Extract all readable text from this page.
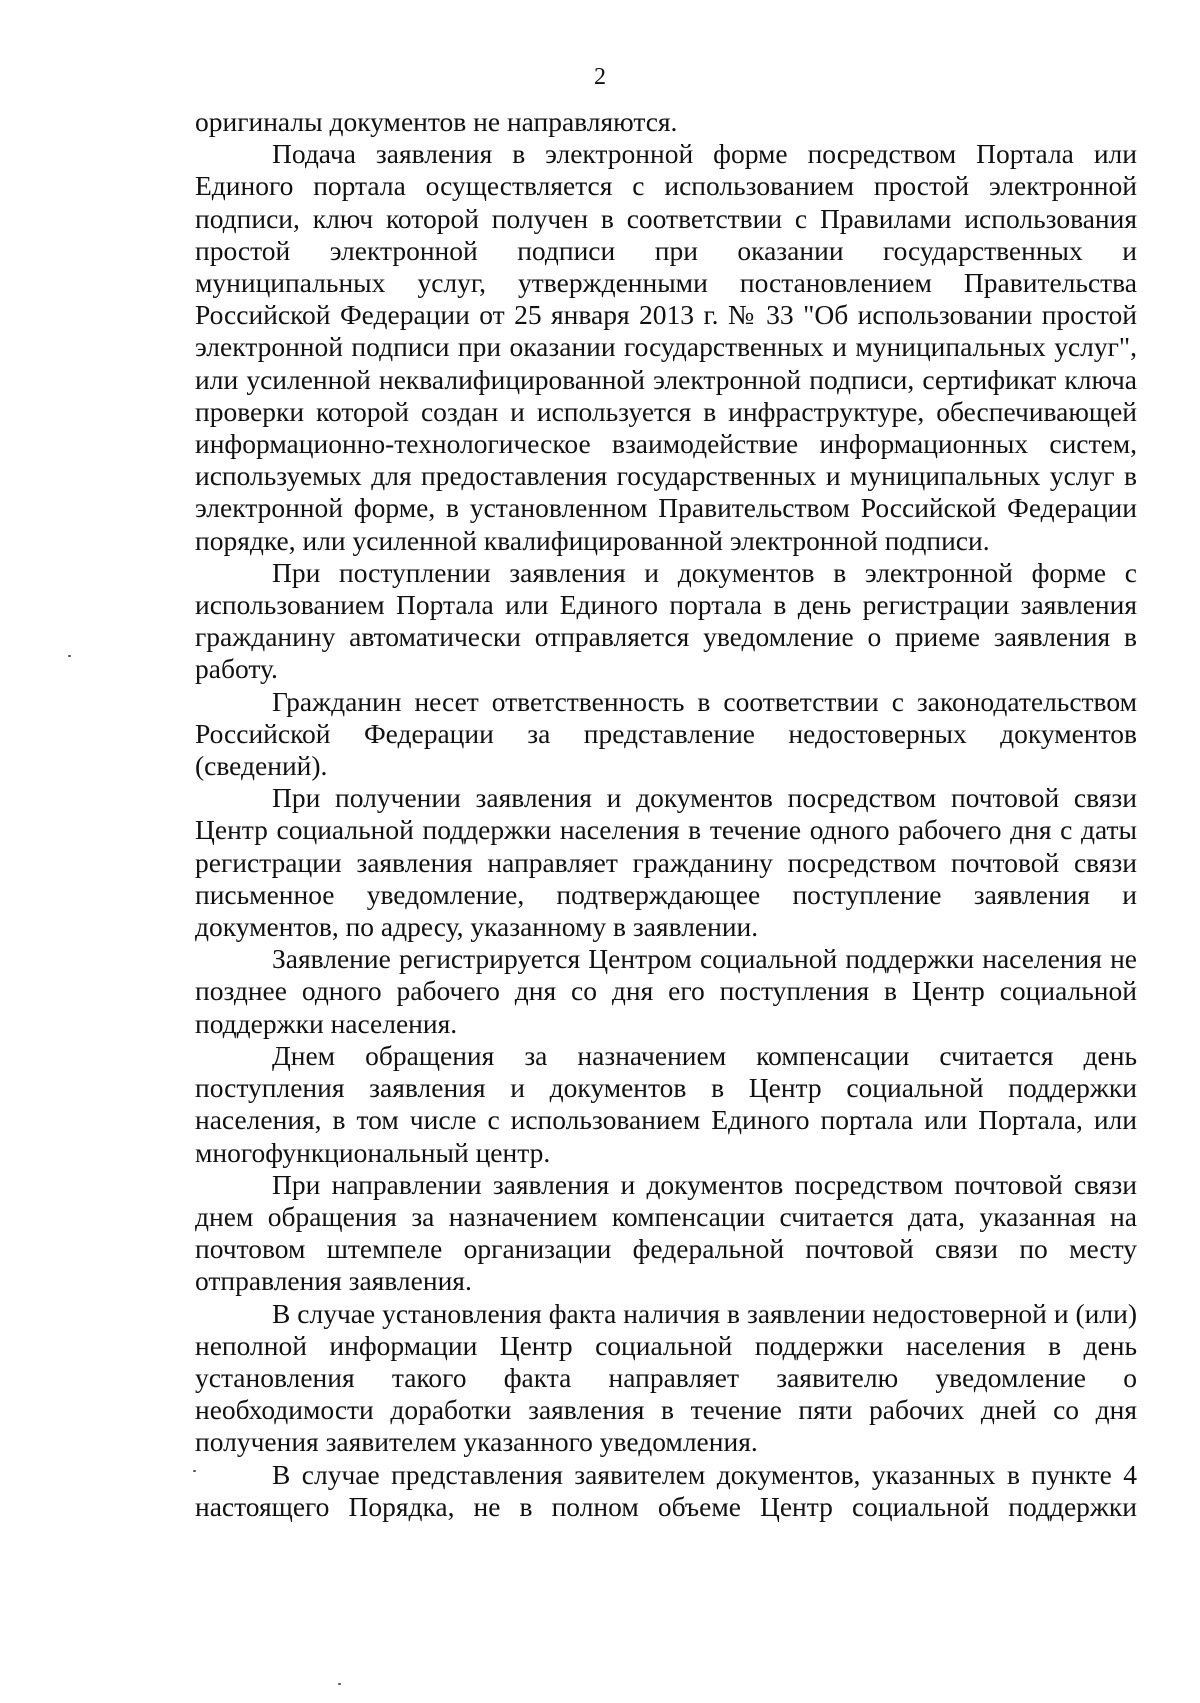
2

оригиналы документов не направляются.

Подача заявления в электронной форме посредством Портала или Единого портала осуществляется с использованием простой электронной подписи, ключ которой получен в соответствии с Правилами использования простой электронной подписи при оказании государственных и муниципальных услуг, утвержденными постановлением Правительства Российской Федерации от 25 января 2013 г. № 33 "Об использовании простой электронной подписи при оказании государственных и муниципальных услуг", или усиленной неквалифицированной электронной подписи, сертификат ключа проверки которой создан и используется в инфраструктуре, обеспечивающей информационно-технологическое взаимодействие информационных систем, используемых для предоставления государственных и муниципальных услуг в электронной форме, в установленном Правительством Российской Федерации порядке, или усиленной квалифицированной электронной подписи.

При поступлении заявления и документов в электронной форме с использованием Портала или Единого портала в день регистрации заявления гражданину автоматически отправляется уведомление о приеме заявления в работу.

Гражданин несет ответственность в соответствии с законодательством Российской Федерации за представление недостоверных документов (сведений).

При получении заявления и документов посредством почтовой связи Центр социальной поддержки населения в течение одного рабочего дня с даты регистрации заявления направляет гражданину посредством почтовой связи письменное уведомление, подтверждающее поступление заявления и документов, по адресу, указанному в заявлении.

Заявление регистрируется Центром социальной поддержки населения не позднее одного рабочего дня со дня его поступления в Центр социальной поддержки населения.

Днем обращения за назначением компенсации считается день поступления заявления и документов в Центр социальной поддержки населения, в том числе с использованием Единого портала или Портала, или многофункциональный центр.

При направлении заявления и документов посредством почтовой связи днем обращения за назначением компенсации считается дата, указанная на почтовом штемпеле организации федеральной почтовой связи по месту отправления заявления.

В случае установления факта наличия в заявлении недостоверной и (или) неполной информации Центр социальной поддержки населения в день установления такого факта направляет заявителю уведомление о необходимости доработки заявления в течение пяти рабочих дней со дня получения заявителем указанного уведомления.

В случае представления заявителем документов, указанных в пункте 4 настоящего Порядка, не в полном объеме Центр социальной поддержки
